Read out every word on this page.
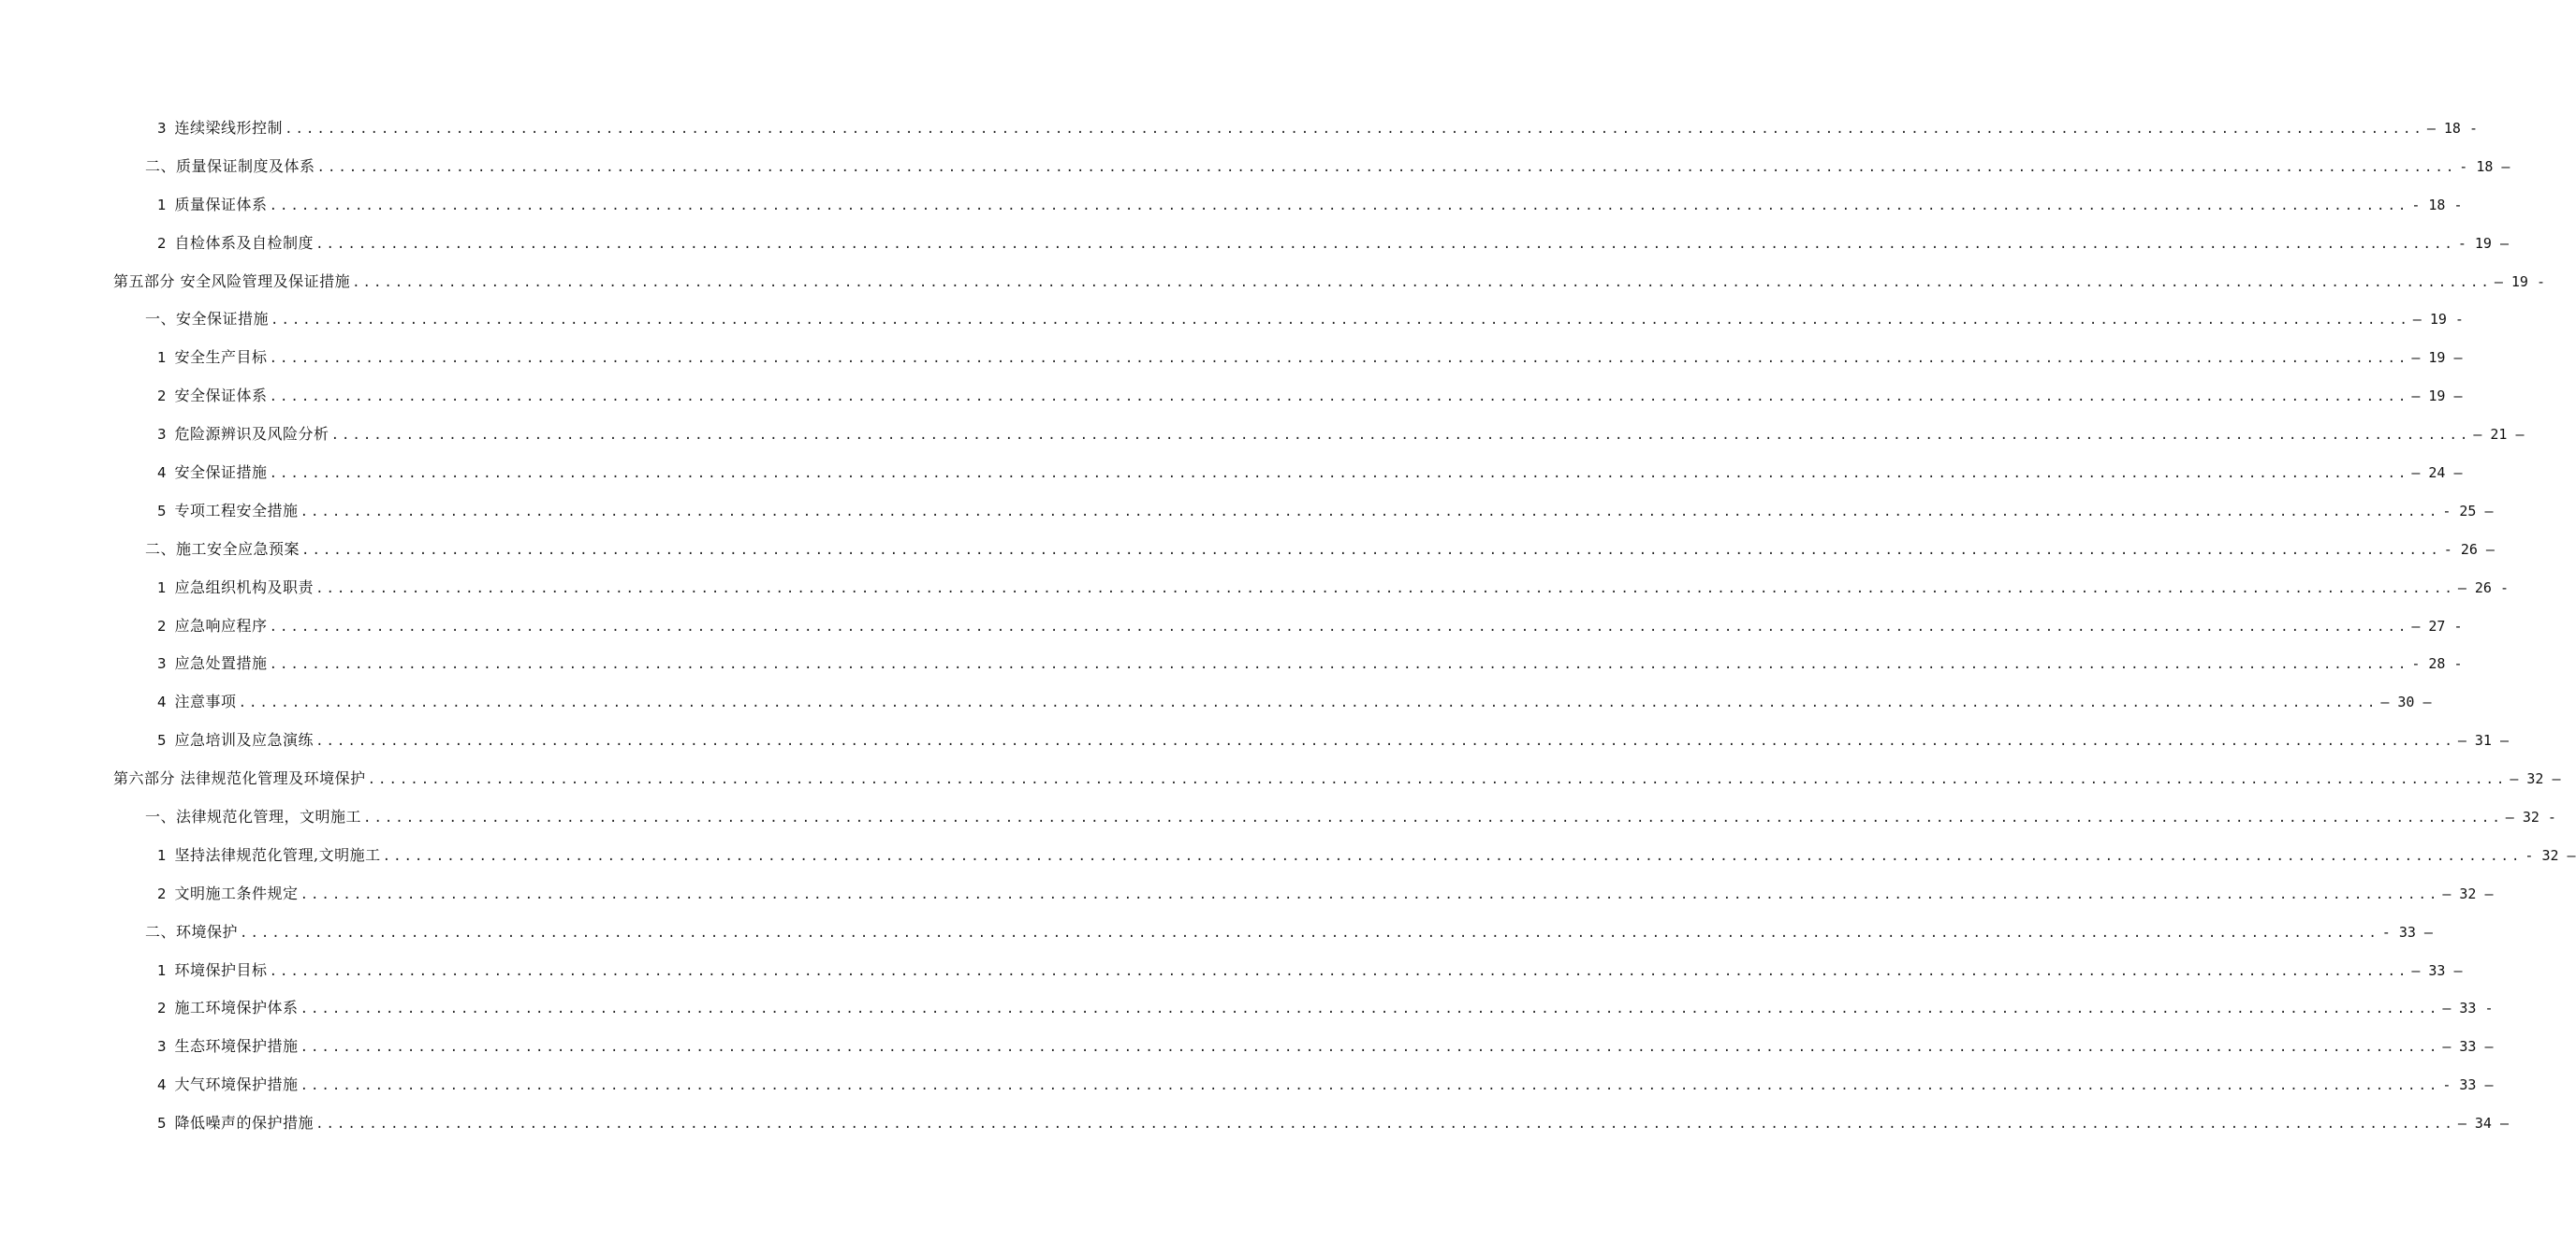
3 连续梁线形控制 ........................................................................................................................................................................................................ — 18 -
二、质量保证制度及体系 ........................................................................................................................................................................................................ - 18 —
1 质量保证体系 ........................................................................................................................................................................................................ - 18 -
2 自检体系及自检制度 ........................................................................................................................................................................................................ - 19 —
第五部分 安全风险管理及保证措施 ........................................................................................................................................................................................................ — 19 -
一、安全保证措施 ........................................................................................................................................................................................................ — 19 -
1 安全生产目标 ........................................................................................................................................................................................................ — 19 —
2 安全保证体系 ........................................................................................................................................................................................................ — 19 —
3 危险源辨识及风险分析 ........................................................................................................................................................................................................ — 21 —
4 安全保证措施 ........................................................................................................................................................................................................ — 24 —
5 专项工程安全措施 ........................................................................................................................................................................................................ - 25 —
二、施工安全应急预案 ........................................................................................................................................................................................................ - 26 —
1 应急组织机构及职责 ........................................................................................................................................................................................................ — 26 -
2 应急响应程序 ........................................................................................................................................................................................................ — 27 -
3 应急处置措施 ........................................................................................................................................................................................................ - 28 -
4 注意事项 ........................................................................................................................................................................................................ — 30 —
5 应急培训及应急演练 ........................................................................................................................................................................................................ — 31 —
第六部分 法律规范化管理及环境保护 ........................................................................................................................................................................................................ — 32 —
一、法律规范化管理，文明施工 ........................................................................................................................................................................................................ — 32 -
1 坚持法律规范化管理,文明施工 ........................................................................................................................................................................................................ - 32 —
2 文明施工条件规定 ........................................................................................................................................................................................................ — 32 —
二、环境保护 ........................................................................................................................................................................................................ - 33 —
1 环境保护目标 ........................................................................................................................................................................................................ — 33 —
2 施工环境保护体系 ........................................................................................................................................................................................................ — 33 -
3 生态环境保护措施 ........................................................................................................................................................................................................ — 33 —
4 大气环境保护措施 ........................................................................................................................................................................................................ - 33 —
5 降低噪声的保护措施 ........................................................................................................................................................................................................ — 34 —
